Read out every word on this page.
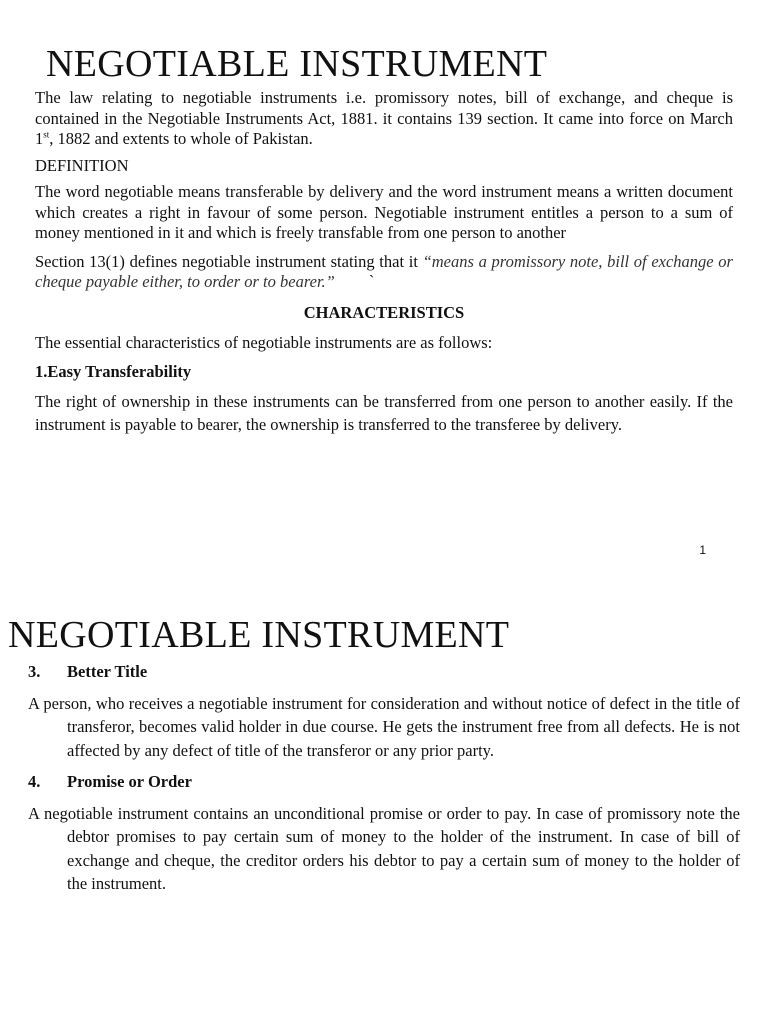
NEGOTIABLE INSTRUMENT

The law relating to negotiable instruments i.e. promissory notes, bill of exchange, and cheque is contained in the Negotiable Instruments Act, 1881. it contains 139 section. It came into force on March 1st, 1882 and extents to whole of Pakistan.

DEFINITION

The word negotiable means transferable by delivery and the word instrument means a written document which creates a right in favour of some person. Negotiable instrument entitles a person to a sum of money mentioned in it and which is freely transfable from one person to another

Section 13(1) defines negotiable instrument stating that it “means a promissory note, bill of exchange or cheque payable either, to order or to bearer.” `

CHARACTERISTICS

The essential characteristics of negotiable instruments are as follows:

1.Easy Transferability

The right of ownership in these instruments can be transferred from one person to another easily. If the instrument is payable to bearer, the ownership is transferred to the transferee by delivery.

1
NEGOTIABLE INSTRUMENT
3. Better Title

A person, who receives a negotiable instrument for consideration and without notice of defect in the title of transferor, becomes valid holder in due course. He gets the instrument free from all defects. He is not affected by any defect of title of the transferor or any prior party.

4. Promise or Order

A negotiable instrument contains an unconditional promise or order to pay. In case of promissory note the debtor promises to pay certain sum of money to the holder of the instrument. In case of bill of exchange and cheque, the creditor orders his debtor to pay a certain sum of money to the holder of the instrument.
